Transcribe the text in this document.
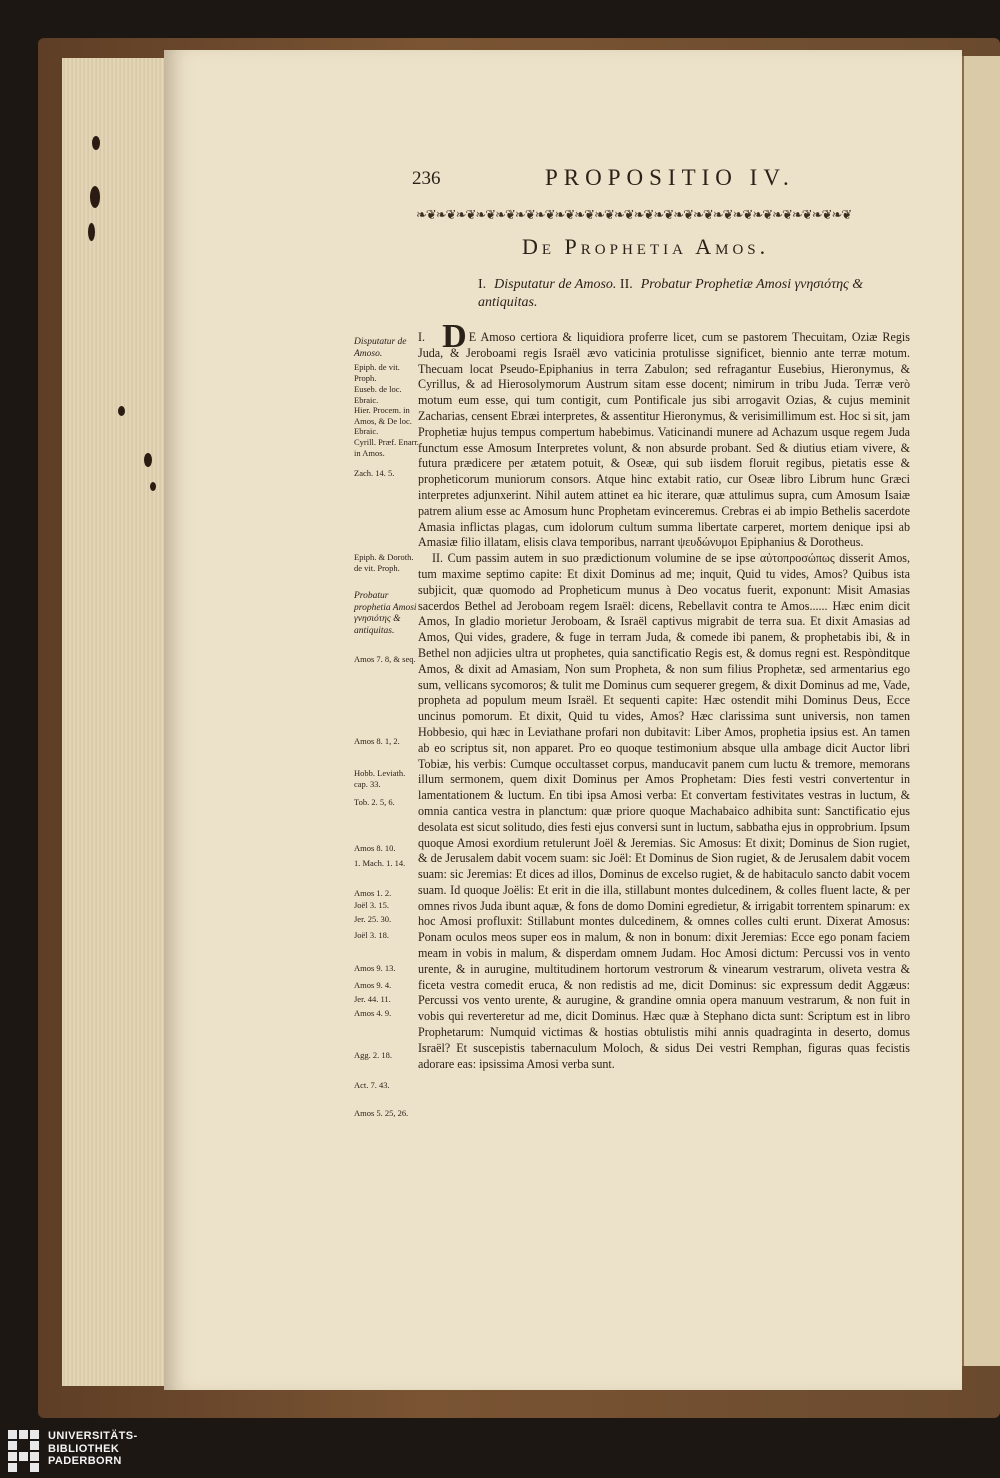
236	PROPOSITIO IV.
❧❦❧❦❧❦❧❦❧❦❧❦❧❦❧❦❧❦❧❦❧❦❧❦❧❦❧❦❧❦❧❦❧❦❧❦❧❦❧❦❧❦❧❦
De Prophetia Amos.
I. Disputatur de Amoso. II. Probatur Prophetiæ Amosi γνησιότης & antiquitas.
I. D E Amoso certiora & liquidiora proferre licet, cum se pastorem Thecuitam, Oziæ Regis Juda, & Jeroboami regis Israël ævo vaticinia protulisse significet, biennio ante terræ motum. Thecuam locat Pseudo-Epiphanius in terra Zabulon; sed refragantur Eusebius, Hieronymus, & Cyrillus, & ad Hierosolymorum Austrum sitam esse docent; nimirum in tribu Juda. Terræ verò motum eum esse, qui tum contigit, cum Pontificale jus sibi arrogavit Ozias, & cujus meminit Zacharias, censent Ebræi interpretes, & assentitur Hieronymus, & verisimillimum est. Hoc si sit, jam Prophetiæ hujus tempus compertum habebimus. Vaticinandi munere ad Achazum usque regem Juda functum esse Amosum Interpretes volunt, & non absurde probant. Sed & diutius etiam vivere, & futura prædicere per ætatem potuit, & Oseæ, qui sub iisdem floruit regibus, pietatis esse & propheticorum muniorum consors. Atque hinc extabit ratio, cur Oseæ libro Librum hunc Græci interpretes adjunxerint. Nihil autem attinet ea hic iterare, quæ attulimus supra, cum Amosum Isaiæ patrem alium esse ac Amosum hunc Prophetam evinceremus. Crebras ei ab impio Bethelis sacerdote Amasia inflictas plagas, cum idolorum cultum summa libertate carperet, mortem denique ipsi ab Amasiæ filio illatam, elisis clava temporibus, narrant ψευδώνυμοι Epiphanius & Dorotheus.
II. Cum passim autem in suo prædictionum volumine de se ipse αὐτοπροσώπως disserit Amos, tum maxime septimo capite: Et dixit Dominus ad me; inquit, Quid tu vides, Amos? Quibus ista subjicit, quæ quomodo ad Propheticum munus à Deo vocatus fuerit, exponunt: Misit Amasias sacerdos Bethel ad Jeroboam regem Israël: dicens, Rebellavit contra te Amos...... Hæc enim dicit Amos, In gladio morietur Jeroboam, & Israël captivus migrabit de terra sua. Et dixit Amasias ad Amos, Qui vides, gradere, & fuge in terram Juda, & comede ibi panem, & prophetabis ibi, & in Bethel non adjicies ultra ut prophetes, quia sanctificatio Regis est, & domus regni est. Respònditque Amos, & dixit ad Amasiam, Non sum Propheta, & non sum filius Prophetæ, sed armentarius ego sum, vellicans sycomoros; & tulit me Dominus cum sequerer gregem, & dixit Dominus ad me, Vade, propheta ad populum meum Israël. Et sequenti capite: Hæc ostendit mihi Dominus Deus, Ecce uncinus pomorum. Et dixit, Quid tu vides, Amos? Hæc clarissima sunt universis, non tamen Hobbesio, qui hæc in Leviathane profari non dubitavit: Liber Amos, prophetia ipsius est. An tamen ab eo scriptus sit, non apparet. Pro eo quoque testimonium absque ulla ambage dicit Auctor libri Tobiæ, his verbis: Cumque occultasset corpus, manducavit panem cum luctu & tremore, memorans illum sermonem, quem dixit Dominus per Amos Prophetam: Dies festi vestri convertentur in lamentationem & luctum. En tibi ipsa Amosi verba: Et convertam festivitates vestras in luctum, & omnia cantica vestra in planctum: quæ priore quoque Machabaico adhibita sunt: Sanctificatio ejus desolata est sicut solitudo, dies festi ejus conversi sunt in luctum, sabbatha ejus in opprobrium. Ipsum quoque Amosi exordium retulerunt Joël & Jeremias. Sic Amosus: Et dixit; Dominus de Sion rugiet, & de Jerusalem dabit vocem suam: sic Joël: Et Dominus de Sion rugiet, & de Jerusalem dabit vocem suam: sic Jeremias: Et dices ad illos, Dominus de excelso rugiet, & de habitaculo sancto dabit vocem suam. Id quoque Joëlis: Et erit in die illa, stillabunt montes dulcedinem, & colles fluent lacte, & per omnes rivos Juda ibunt aquæ, & fons de domo Domini egredietur, & irrigabit torrentem spinarum: ex hoc Amosi profluxit: Stillabunt montes dulcedinem, & omnes colles culti erunt. Dixerat Amosus: Ponam oculos meos super eos in malum, & non in bonum: dixit Jeremias: Ecce ego ponam faciem meam in vobis in malum, & disperdam omnem Judam. Hoc Amosi dictum: Percussi vos in vento urente, & in aurugine, multitudinem hortorum vestrorum & vinearum vestrarum, oliveta vestra & ficeta vestra comedit eruca, & non redistis ad me, dicit Dominus: sic expressum dedit Aggæus: Percussi vos vento urente, & aurugine, & grandine omnia opera manuum vestrarum, & non fuit in vobis qui reverteretur ad me, dicit Dominus. Hæc quæ à Stephano dicta sunt: Scriptum est in libro Prophetarum: Numquid victimas & hostias obtulistis mihi annis quadraginta in deserto, domus Israël? Et suscepistis tabernaculum Moloch, & sidus Dei vestri Remphan, figuras quas fecistis adorare eas: ipsissima Amosi verba sunt.
Disputatur de Amoso.
Epiph. de vit. Proph.
Euseb. de loc. Ebraic.
Hier. Procem. in Amos, & De loc. Ebraic.
Cyrill. Præf. Enarr. in Amos.
Zach. 14. 5.
Epiph. & Doroth. de vit. Proph.
Probatur prophetia Amosi γνησιότης & antiquitas.
Amos 7. 8, & seq.
Amos 8. 1, 2.
Hobb. Leviath. cap. 33.
Tob. 2. 5, 6.
Amos 8. 10.
1. Mach. 1. 14.
Amos 1. 2.
Joël 3. 15.
Jer. 25. 30.
Joël 3. 18.
Amos 9. 13.
Amos 9. 4.
Jer. 44. 11.
Amos 4. 9.
Agg. 2. 18.
Act. 7. 43.
Amos 5. 25, 26.
UNIVERSITÄTS-
BIBLIOTHEK
PADERBORN
